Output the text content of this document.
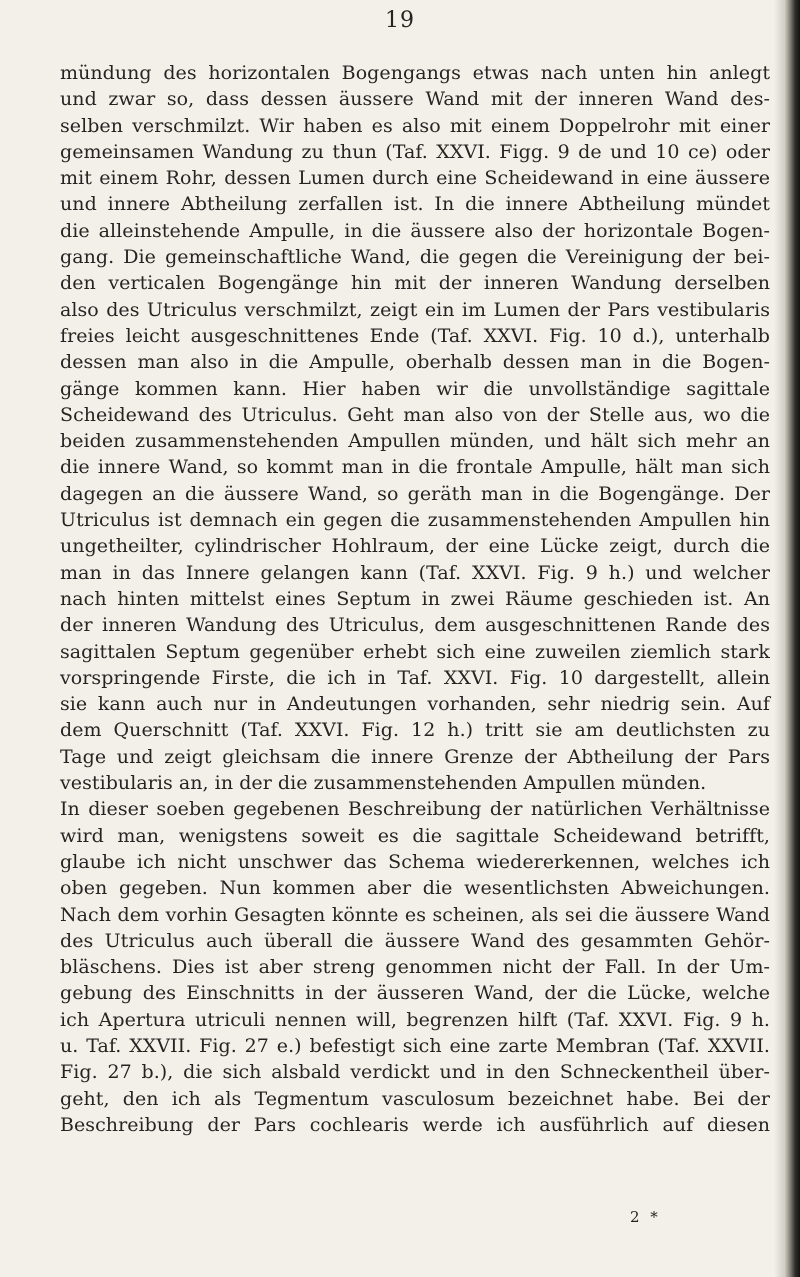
19
mündung des horizontalen Bogengangs etwas nach unten hin anlegt
und zwar so, dass dessen äussere Wand mit der inneren Wand des-
selben verschmilzt. Wir haben es also mit einem Doppelrohr mit einer
gemeinsamen Wandung zu thun (Taf. XXVI. Figg. 9 de und 10 ce) oder
mit einem Rohr, dessen Lumen durch eine Scheidewand in eine äussere
und innere Abtheilung zerfallen ist. In die innere Abtheilung mündet
die alleinstehende Ampulle, in die äussere also der horizontale Bogen-
gang. Die gemeinschaftliche Wand, die gegen die Vereinigung der bei-
den verticalen Bogengänge hin mit der inneren Wandung derselben
also des Utriculus verschmilzt, zeigt ein im Lumen der Pars vestibularis
freies leicht ausgeschnittenes Ende (Taf. XXVI. Fig. 10 d.), unterhalb
dessen man also in die Ampulle, oberhalb dessen man in die Bogen-
gänge kommen kann. Hier haben wir die unvollständige sagittale
Scheidewand des Utriculus. Geht man also von der Stelle aus, wo die
beiden zusammenstehenden Ampullen münden, und hält sich mehr an
die innere Wand, so kommt man in die frontale Ampulle, hält man sich
dagegen an die äussere Wand, so geräth man in die Bogengänge. Der
Utriculus ist demnach ein gegen die zusammenstehenden Ampullen hin
ungetheilter, cylindrischer Hohlraum, der eine Lücke zeigt, durch die
man in das Innere gelangen kann (Taf. XXVI. Fig. 9 h.) und welcher
nach hinten mittelst eines Septum in zwei Räume geschieden ist. An
der inneren Wandung des Utriculus, dem ausgeschnittenen Rande des
sagittalen Septum gegenüber erhebt sich eine zuweilen ziemlich stark
vorspringende Firste, die ich in Taf. XXVI. Fig. 10 dargestellt, allein
sie kann auch nur in Andeutungen vorhanden, sehr niedrig sein. Auf
dem Querschnitt (Taf. XXVI. Fig. 12 h.) tritt sie am deutlichsten zu
Tage und zeigt gleichsam die innere Grenze der Abtheilung der Pars
vestibularis an, in der die zusammenstehenden Ampullen münden.
In dieser soeben gegebenen Beschreibung der natürlichen Verhältnisse
wird man, wenigstens soweit es die sagittale Scheidewand betrifft,
glaube ich nicht unschwer das Schema wiedererkennen, welches ich
oben gegeben. Nun kommen aber die wesentlichsten Abweichungen.
Nach dem vorhin Gesagten könnte es scheinen, als sei die äussere Wand
des Utriculus auch überall die äussere Wand des gesammten Gehör-
bläschens. Dies ist aber streng genommen nicht der Fall. In der Um-
gebung des Einschnitts in der äusseren Wand, der die Lücke, welche
ich Apertura utriculi nennen will, begrenzen hilft (Taf. XXVI. Fig. 9 h.
u. Taf. XXVII. Fig. 27 e.) befestigt sich eine zarte Membran (Taf. XXVII.
Fig. 27 b.), die sich alsbald verdickt und in den Schneckentheil über-
geht, den ich als Tegmentum vasculosum bezeichnet habe. Bei der
Beschreibung der Pars cochlearis werde ich ausführlich auf diesen
2 *
